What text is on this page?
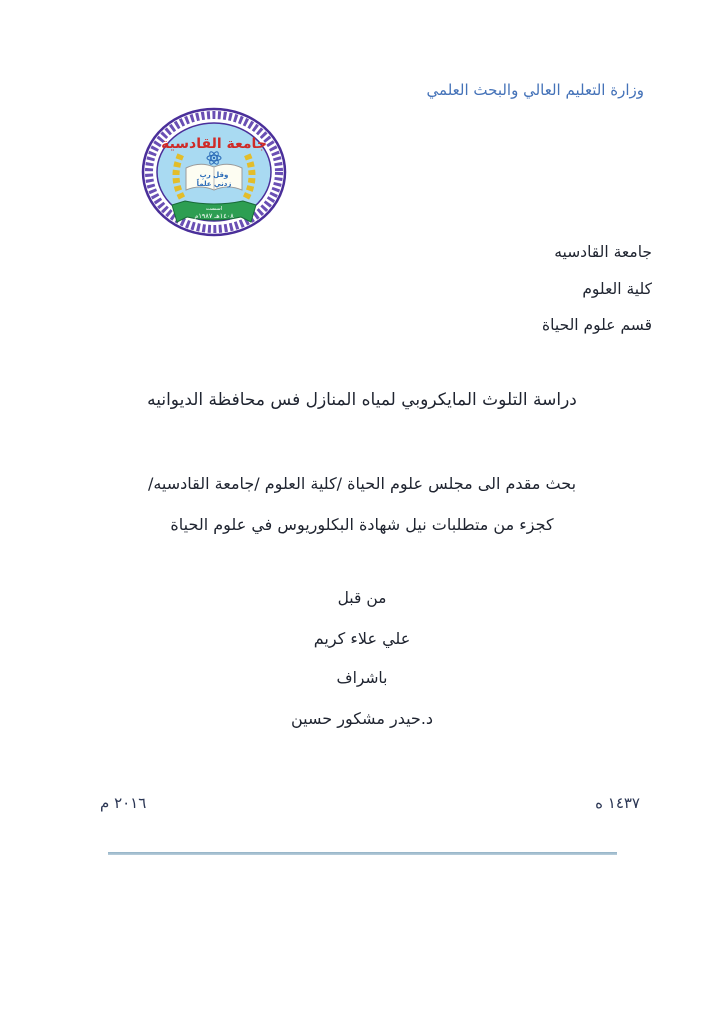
وزارة التعليم العالي والبحث العلمي
جامعة القادسية
وقل ربِ
زدني علماً
اسست
١٤٠٨هـ ١٩٨٧م
جامعة القادسيه
كلية العلوم
قسم علوم الحياة
دراسة التلوث المايكروبي لمياه المنازل فس محافظة الديوانيه
بحث مقدم الى مجلس علوم الحياة /كلية العلوم /جامعة القادسيه/
كجزء من متطلبات نيل شهادة البكلوريوس في علوم الحياة
من قبل
علي علاء كريم
باشراف
د.حيدر مشكور حسين
١٤٣٧ ه
٢٠١٦ م
